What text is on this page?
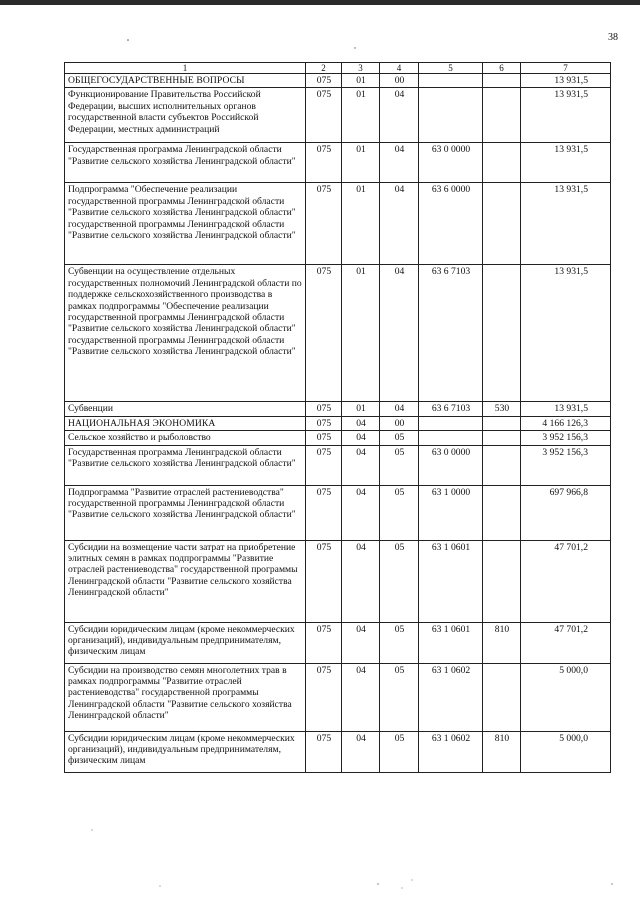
38
1	2	3	4	5	6	7
ОБЩЕГОСУДАРСТВЕННЫЕ ВОПРОСЫ	075	01	00			13 931,5
Функционирование Правительства Российской Федерации, высших исполнительных органов государственной власти субъектов Российской Федерации, местных администраций	075	01	04			13 931,5
Государственная программа Ленинградской области "Развитие сельского хозяйства Ленинградской области"	075	01	04	63 0 0000		13 931,5
Подпрограмма "Обеспечение реализации государственной программы Ленинградской области "Развитие сельского хозяйства Ленинградской области" государственной программы Ленинградской области "Развитие сельского хозяйства Ленинградской области"	075	01	04	63 6 0000		13 931,5
Субвенции на осуществление отдельных государственных полномочий Ленинградской области по поддержке сельскохозяйственного производства в рамках подпрограммы "Обеспечение реализации государственной программы Ленинградской области "Развитие сельского хозяйства Ленинградской области" государственной программы Ленинградской области "Развитие сельского хозяйства Ленинградской области"	075	01	04	63 6 7103		13 931,5
Субвенции	075	01	04	63 6 7103	530	13 931,5
НАЦИОНАЛЬНАЯ ЭКОНОМИКА	075	04	00			4 166 126,3
Сельское хозяйство и рыболовство	075	04	05			3 952 156,3
Государственная программа Ленинградской области "Развитие сельского хозяйства Ленинградской области"	075	04	05	63 0 0000		3 952 156,3
Подпрограмма "Развитие отраслей растениеводства" государственной программы Ленинградской области "Развитие сельского хозяйства Ленинградской области"	075	04	05	63 1 0000		697 966,8
Субсидии на возмещение части затрат на приобретение элитных семян в рамках подпрограммы "Развитие отраслей растениеводства" государственной программы Ленинградской области "Развитие сельского хозяйства Ленинградской области"	075	04	05	63 1 0601		47 701,2
Субсидии юридическим лицам (кроме некоммерческих организаций), индивидуальным предпринимателям, физическим лицам	075	04	05	63 1 0601	810	47 701,2
Субсидии на производство семян многолетних трав в рамках подпрограммы "Развитие отраслей растениеводства" государственной программы Ленинградской области "Развитие сельского хозяйства Ленинградской области"	075	04	05	63 1 0602		5 000,0
Субсидии юридическим лицам (кроме некоммерческих организаций), индивидуальным предпринимателям, физическим лицам	075	04	05	63 1 0602	810	5 000,0
